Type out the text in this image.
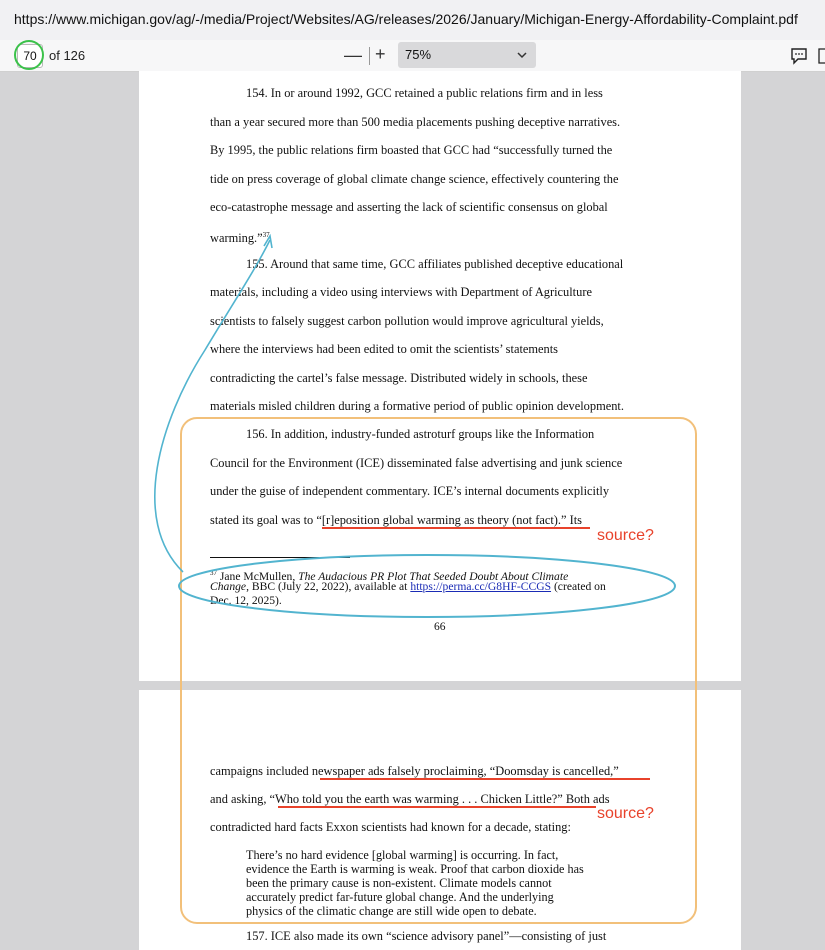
https://www.michigan.gov/ag/-/media/Project/Websites/AG/releases/2026/January/Michigan-Energy-Affordability-Complaint.pdf
70 of 126	— + 75%
154. In or around 1992, GCC retained a public relations firm and in less
than a year secured more than 500 media placements pushing deceptive narratives.
By 1995, the public relations firm boasted that GCC had “successfully turned the
tide on press coverage of global climate change science, effectively countering the
eco-catastrophe message and asserting the lack of scientific consensus on global
warming.”$^{37}$
155. Around that same time, GCC affiliates published deceptive educational
materials, including a video using interviews with Department of Agriculture
scientists to falsely suggest carbon pollution would improve agricultural yields,
where the interviews had been edited to omit the scientists’ statements
contradicting the cartel’s false message. Distributed widely in schools, these
materials misled children during a formative period of public opinion development.
156. In addition, industry-funded astroturf groups like the Information
Council for the Environment (ICE) disseminated false advertising and junk science
under the guise of independent commentary. ICE’s internal documents explicitly
stated its goal was to “[r]eposition global warming as theory (not fact).” Its
$^{37}$ Jane McMullen, The Audacious PR Plot That Seeded Doubt About Climate
Change, BBC (July 22, 2022), available at https://perma.cc/G8HF-CCGS (created on
Dec. 12, 2025).
66
campaigns included newspaper ads falsely proclaiming, “Doomsday is cancelled,”
and asking, “Who told you the earth was warming . . . Chicken Little?” Both ads
contradicted hard facts Exxon scientists had known for a decade, stating:
There’s no hard evidence [global warming] is occurring. In fact,
evidence the Earth is warming is weak. Proof that carbon dioxide has
been the primary cause is non-existent. Climate models cannot
accurately predict far-future global change. And the underlying
physics of the climatic change are still wide open to debate.
157. ICE also made its own “science advisory panel”—consisting of just
source?
source?
